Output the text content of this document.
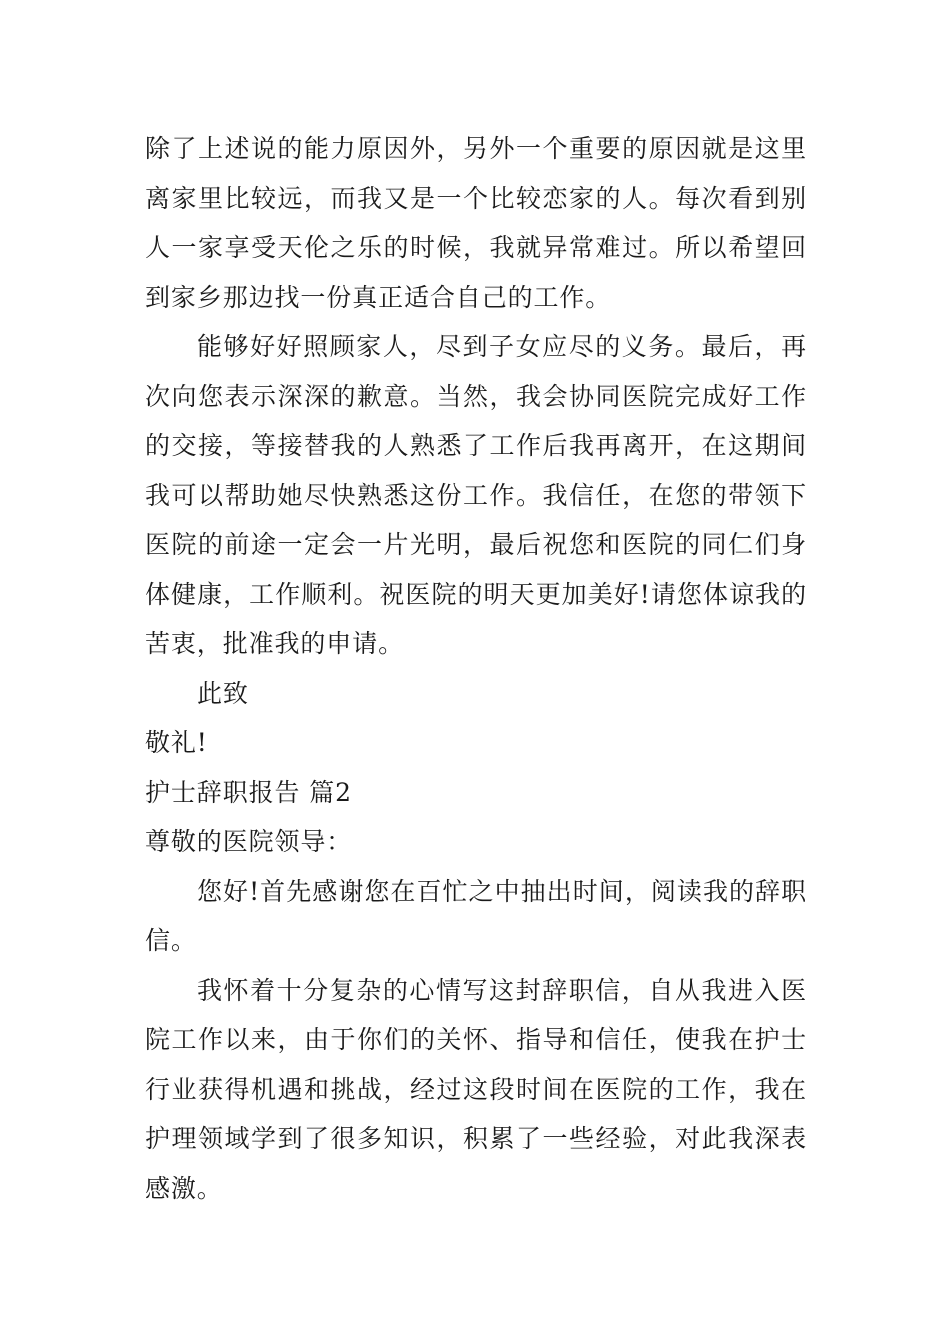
除了上述说的能力原因外，另外一个重要的原因就是这里离家里比较远，而我又是一个比较恋家的人。每次看到别人一家享受天伦之乐的时候，我就异常难过。所以希望回到家乡那边找一份真正适合自己的工作。

能够好好照顾家人，尽到子女应尽的义务。最后，再次向您表示深深的歉意。当然，我会协同医院完成好工作的交接，等接替我的人熟悉了工作后我再离开，在这期间我可以帮助她尽快熟悉这份工作。我信任，在您的带领下医院的前途一定会一片光明，最后祝您和医院的同仁们身体健康，工作顺利。祝医院的明天更加美好!请您体谅我的苦衷，批准我的申请。

此致

敬礼!

护士辞职报告 篇2

尊敬的医院领导：

您好!首先感谢您在百忙之中抽出时间，阅读我的辞职信。

我怀着十分复杂的心情写这封辞职信，自从我进入医院工作以来，由于你们的关怀、指导和信任，使我在护士行业获得机遇和挑战，经过这段时间在医院的工作，我在护理领域学到了很多知识，积累了一些经验，对此我深表感激。
